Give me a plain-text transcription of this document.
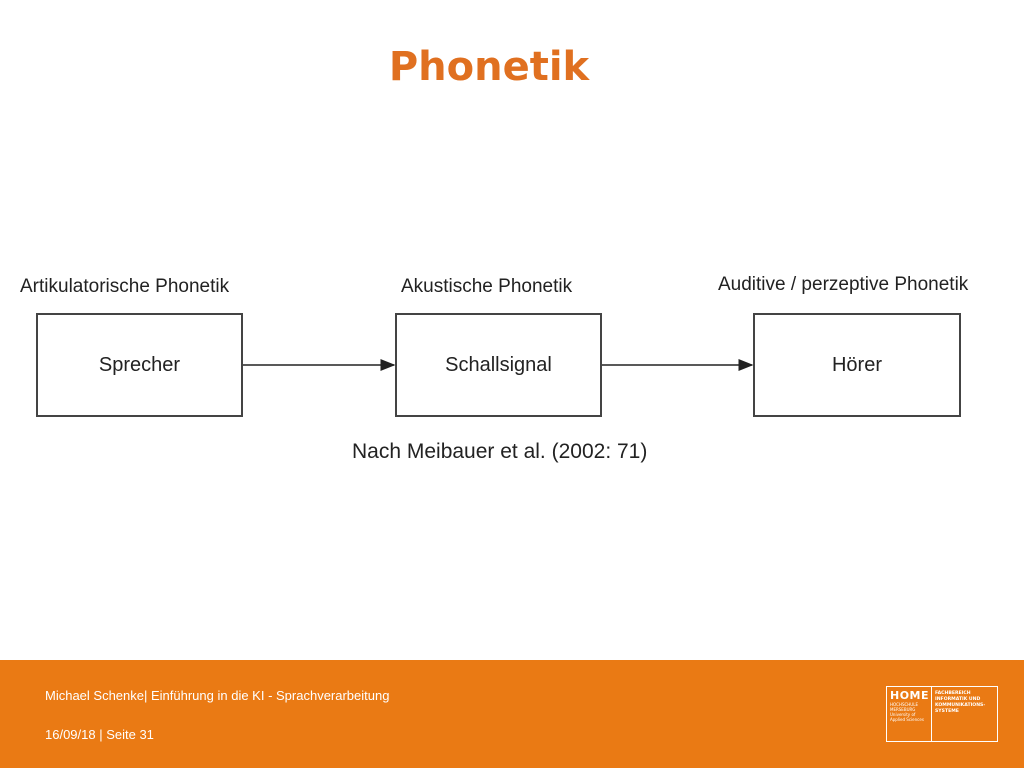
Phonetik
Artikulatorische Phonetik	Akustische Phonetik	Auditive / perzeptive Phonetik
Sprecher	Schallsignal	Hörer
Nach Meibauer et al. (2002: 71)
Michael Schenke| Einführung in die KI - Sprachverarbeitung
16/09/18 | Seite 31
HOME
HOCHSCHULE
MERSEBURG
University of
Applied Sciences
FACHBEREICH
INFORMATIK UND
KOMMUNIKATIONS-
SYSTEME
